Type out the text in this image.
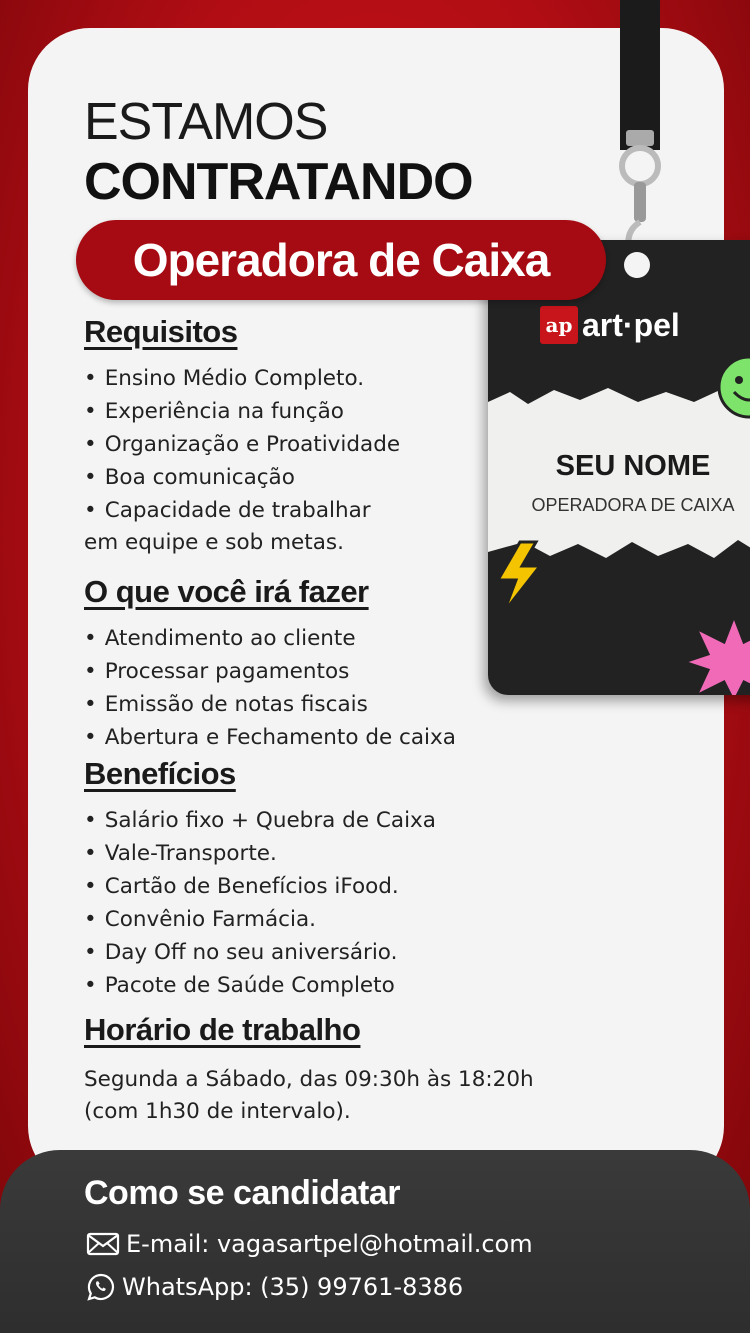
ap art·pel
SEU NOME
OPERADORA DE CAIXA
ESTAMOS
CONTRATANDO
Operadora de Caixa
Requisitos
• Ensino Médio Completo.
• Experiência na função
• Organização e Proatividade
• Boa comunicação
• Capacidade de trabalhar
em equipe e sob metas.
O que você irá fazer
• Atendimento ao cliente
• Processar pagamentos
• Emissão de notas fiscais
• Abertura e Fechamento de caixa
Benefícios
• Salário fixo + Quebra de Caixa
• Vale-Transporte.
• Cartão de Benefícios iFood.
• Convênio Farmácia.
• Day Off no seu aniversário.
• Pacote de Saúde Completo
Horário de trabalho
Segunda a Sábado, das 09:30h às 18:20h
(com 1h30 de intervalo).
Como se candidatar
E-mail: vagasartpel@hotmail.com
WhatsApp: (35) 99761-8386
